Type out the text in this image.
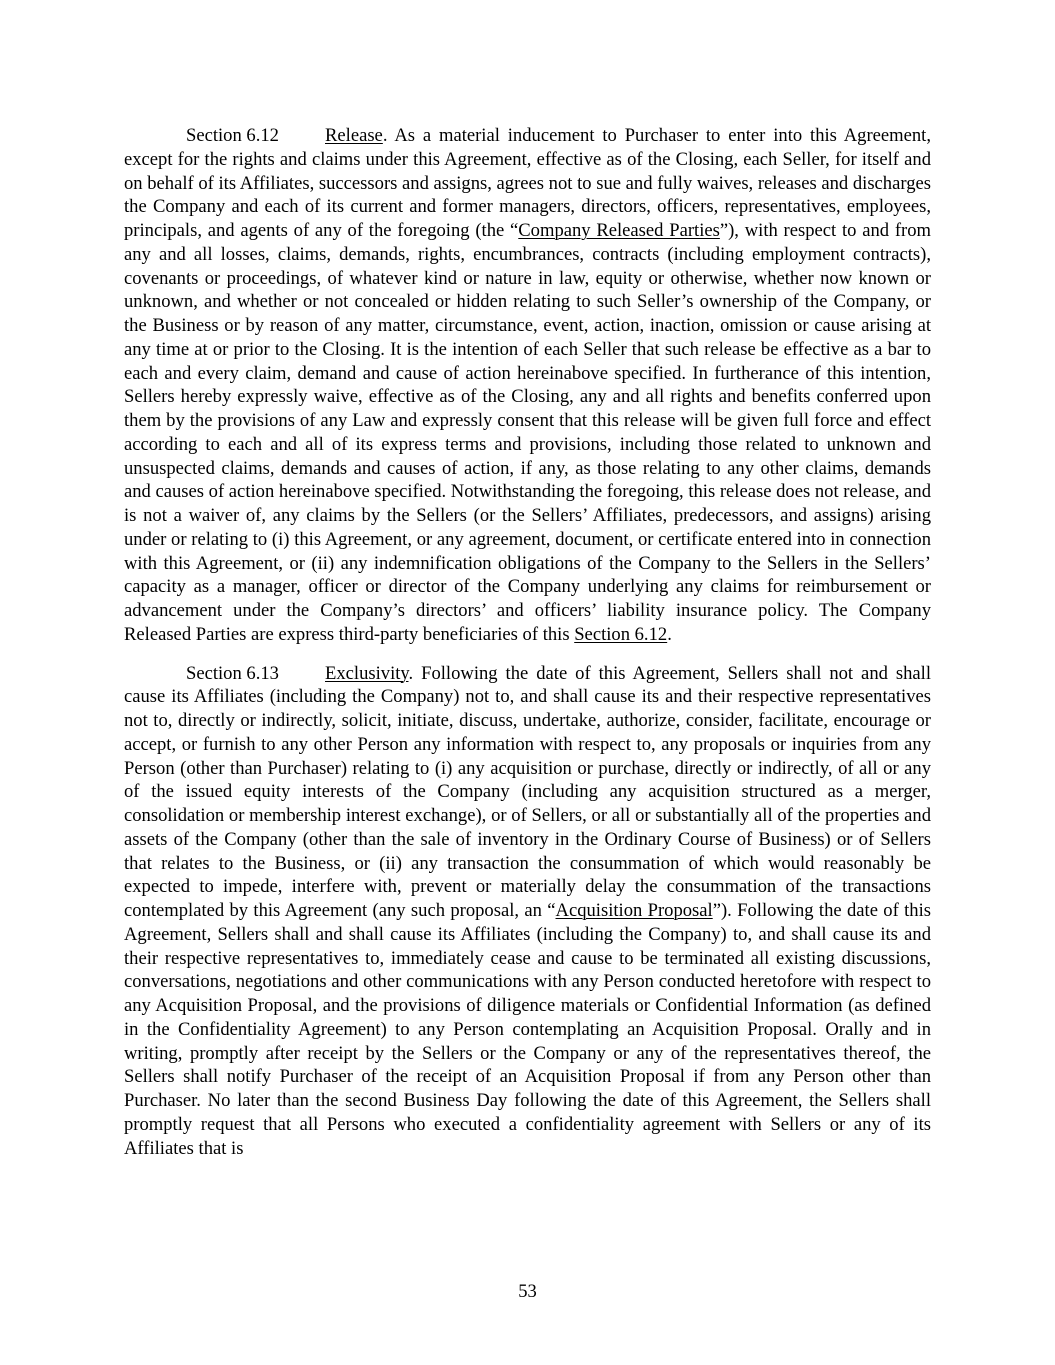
Section 6.12 Release. As a material inducement to Purchaser to enter into this Agreement, except for the rights and claims under this Agreement, effective as of the Closing, each Seller, for itself and on behalf of its Affiliates, successors and assigns, agrees not to sue and fully waives, releases and discharges the Company and each of its current and former managers, directors, officers, representatives, employees, principals, and agents of any of the foregoing (the “Company Released Parties”), with respect to and from any and all losses, claims, demands, rights, encumbrances, contracts (including employment contracts), covenants or proceedings, of whatever kind or nature in law, equity or otherwise, whether now known or unknown, and whether or not concealed or hidden relating to such Seller’s ownership of the Company, or the Business or by reason of any matter, circumstance, event, action, inaction, omission or cause arising at any time at or prior to the Closing. It is the intention of each Seller that such release be effective as a bar to each and every claim, demand and cause of action hereinabove specified. In furtherance of this intention, Sellers hereby expressly waive, effective as of the Closing, any and all rights and benefits conferred upon them by the provisions of any Law and expressly consent that this release will be given full force and effect according to each and all of its express terms and provisions, including those related to unknown and unsuspected claims, demands and causes of action, if any, as those relating to any other claims, demands and causes of action hereinabove specified. Notwithstanding the foregoing, this release does not release, and is not a waiver of, any claims by the Sellers (or the Sellers’ Affiliates, predecessors, and assigns) arising under or relating to (i) this Agreement, or any agreement, document, or certificate entered into in connection with this Agreement, or (ii) any indemnification obligations of the Company to the Sellers in the Sellers’ capacity as a manager, officer or director of the Company underlying any claims for reimbursement or advancement under the Company’s directors’ and officers’ liability insurance policy. The Company Released Parties are express third-party beneficiaries of this Section 6.12.

Section 6.13 Exclusivity. Following the date of this Agreement, Sellers shall not and shall cause its Affiliates (including the Company) not to, and shall cause its and their respective representatives not to, directly or indirectly, solicit, initiate, discuss, undertake, authorize, consider, facilitate, encourage or accept, or furnish to any other Person any information with respect to, any proposals or inquiries from any Person (other than Purchaser) relating to (i) any acquisition or purchase, directly or indirectly, of all or any of the issued equity interests of the Company (including any acquisition structured as a merger, consolidation or membership interest exchange), or of Sellers, or all or substantially all of the properties and assets of the Company (other than the sale of inventory in the Ordinary Course of Business) or of Sellers that relates to the Business, or (ii) any transaction the consummation of which would reasonably be expected to impede, interfere with, prevent or materially delay the consummation of the transactions contemplated by this Agreement (any such proposal, an “Acquisition Proposal”). Following the date of this Agreement, Sellers shall and shall cause its Affiliates (including the Company) to, and shall cause its and their respective representatives to, immediately cease and cause to be terminated all existing discussions, conversations, negotiations and other communications with any Person conducted heretofore with respect to any Acquisition Proposal, and the provisions of diligence materials or Confidential Information (as defined in the Confidentiality Agreement) to any Person contemplating an Acquisition Proposal. Orally and in writing, promptly after receipt by the Sellers or the Company or any of the representatives thereof, the Sellers shall notify Purchaser of the receipt of an Acquisition Proposal if from any Person other than Purchaser. No later than the second Business Day following the date of this Agreement, the Sellers shall promptly request that all Persons who executed a confidentiality agreement with Sellers or any of its Affiliates that is

53
